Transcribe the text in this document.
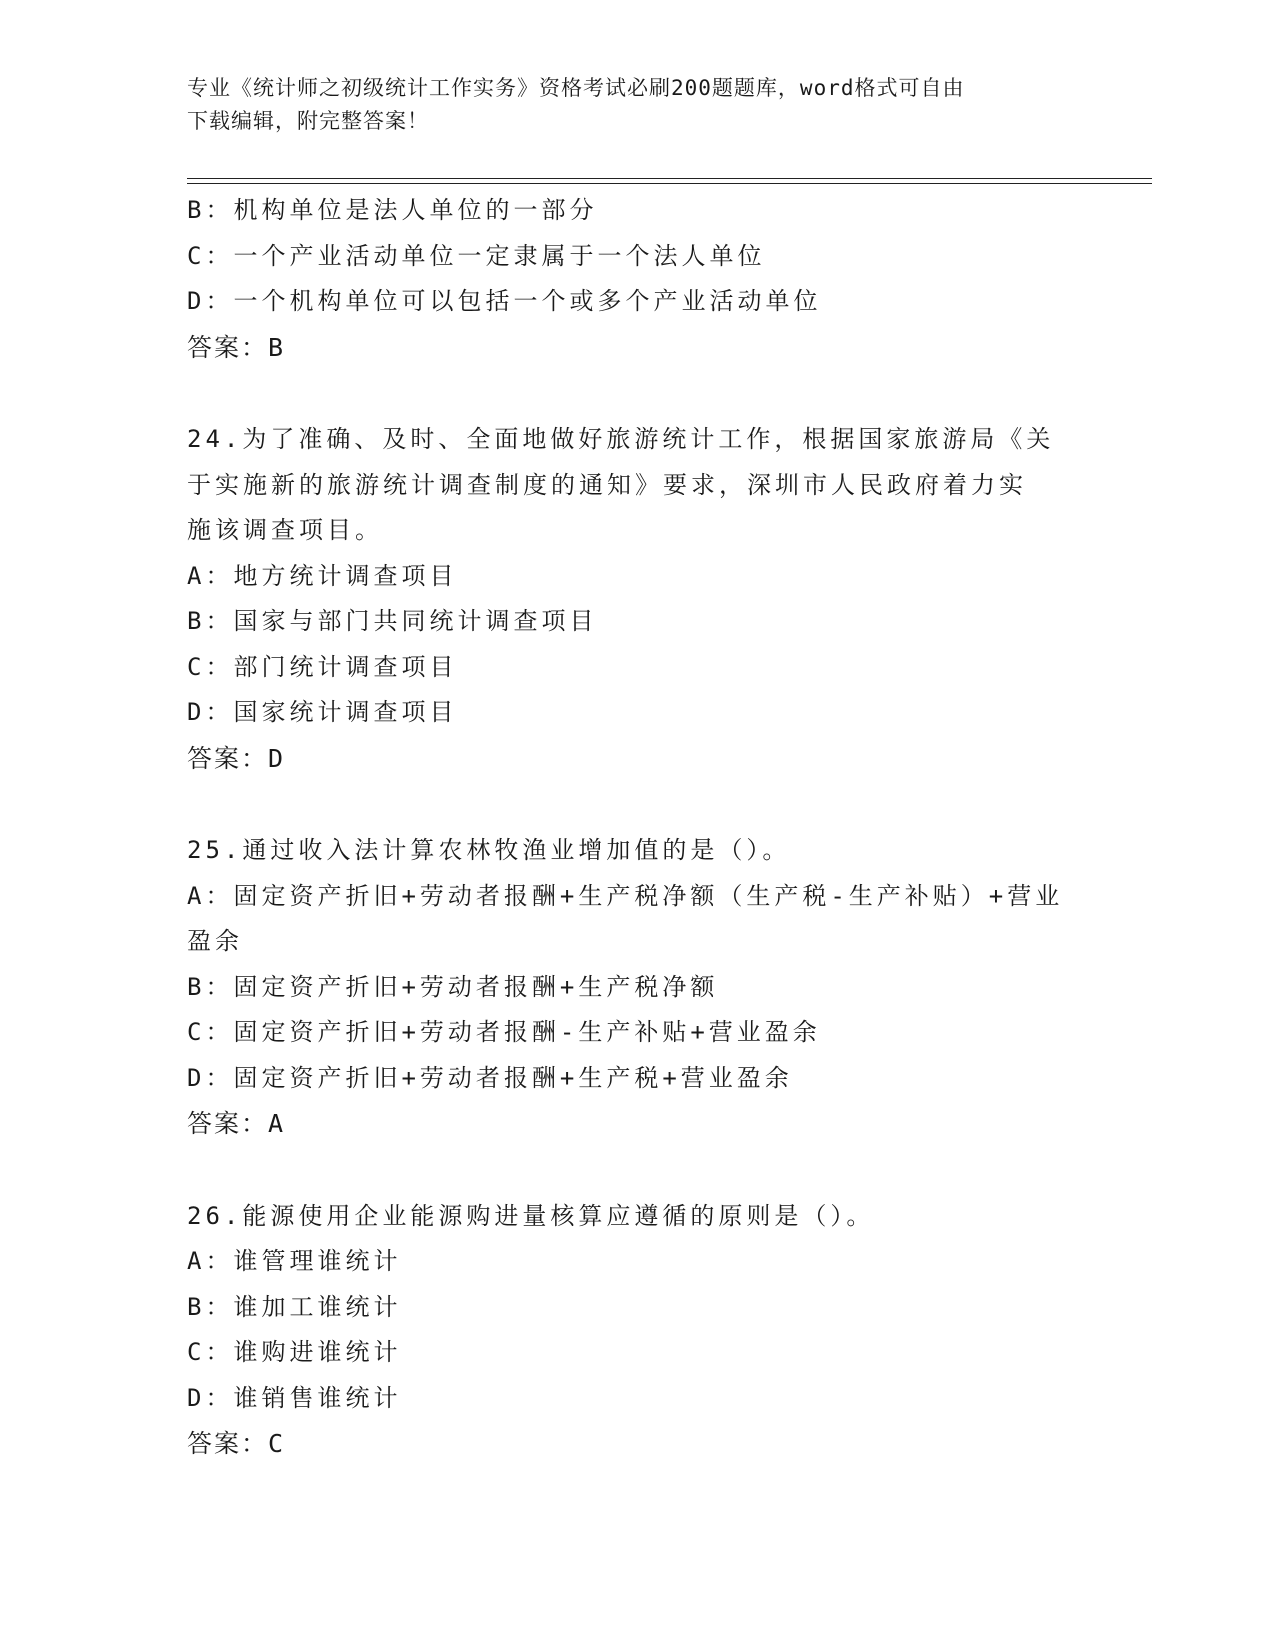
专业《统计师之初级统计工作实务》资格考试必刷200题题库，word格式可自由
下载编辑，附完整答案！
B：机构单位是法人单位的一部分
C：一个产业活动单位一定隶属于一个法人单位
D：一个机构单位可以包括一个或多个产业活动单位
答案：B
24.为了准确、及时、全面地做好旅游统计工作，根据国家旅游局《关
于实施新的旅游统计调查制度的通知》要求，深圳市人民政府着力实
施该调查项目。
A：地方统计调查项目
B：国家与部门共同统计调查项目
C：部门统计调查项目
D：国家统计调查项目
答案：D
25.通过收入法计算农林牧渔业增加值的是（）。
A：固定资产折旧+劳动者报酬+生产税净额（生产税-生产补贴）+营业
盈余
B：固定资产折旧+劳动者报酬+生产税净额
C：固定资产折旧+劳动者报酬-生产补贴+营业盈余
D：固定资产折旧+劳动者报酬+生产税+营业盈余
答案：A
26.能源使用企业能源购进量核算应遵循的原则是（）。
A：谁管理谁统计
B：谁加工谁统计
C：谁购进谁统计
D：谁销售谁统计
答案：C
